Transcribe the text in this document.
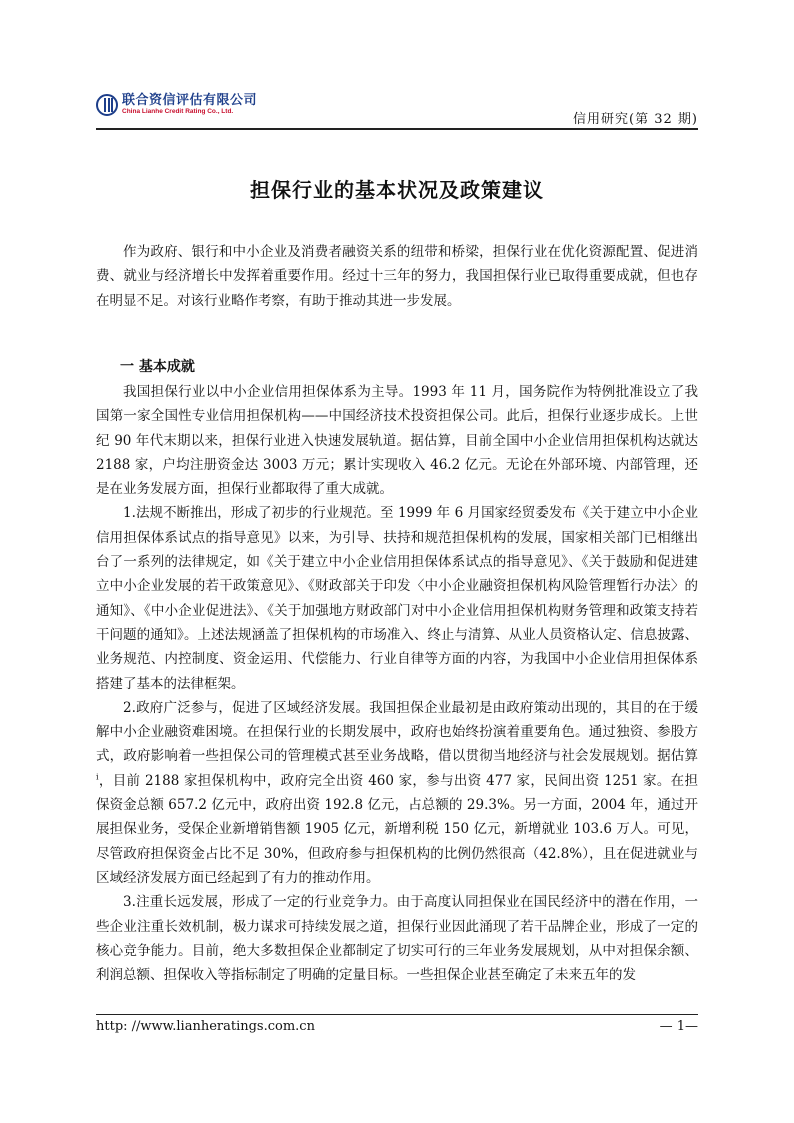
联合资信评估有限公司
China Lianhe Credit Rating Co., Ltd.
信用研究(第 32 期)
担保行业的基本状况及政策建议

作为政府、银行和中小企业及消费者融资关系的纽带和桥梁，担保行业在优化资源配置、促进消费、就业与经济增长中发挥着重要作用。经过十三年的努力，我国担保行业已取得重要成就，但也存在明显不足。对该行业略作考察，有助于推动其进一步发展。

一 基本成就

我国担保行业以中小企业信用担保体系为主导。1993 年 11 月，国务院作为特例批准设立了我国第一家全国性专业信用担保机构——中国经济技术投资担保公司。此后，担保行业逐步成长。上世纪 90 年代末期以来，担保行业进入快速发展轨道。据估算，目前全国中小企业信用担保机构达就达 2188 家，户均注册资金达 3003 万元；累计实现收入 46.2 亿元。无论在外部环境、内部管理，还是在业务发展方面，担保行业都取得了重大成就。

1.法规不断推出，形成了初步的行业规范。至 1999 年 6 月国家经贸委发布《关于建立中小企业信用担保体系试点的指导意见》以来，为引导、扶持和规范担保机构的发展，国家相关部门已相继出台了一系列的法律规定，如《关于建立中小企业信用担保体系试点的指导意见》、《关于鼓励和促进建立中小企业发展的若干政策意见》、《财政部关于印发〈中小企业融资担保机构风险管理暂行办法〉的通知》、《中小企业促进法》、《关于加强地方财政部门对中小企业信用担保机构财务管理和政策支持若干问题的通知》。上述法规涵盖了担保机构的市场准入、终止与清算、从业人员资格认定、信息披露、业务规范、内控制度、资金运用、代偿能力、行业自律等方面的内容，为我国中小企业信用担保体系搭建了基本的法律框架。

2.政府广泛参与，促进了区域经济发展。我国担保企业最初是由政府策动出现的，其目的在于缓解中小企业融资难困境。在担保行业的长期发展中，政府也始终扮演着重要角色。通过独资、参股方式，政府影响着一些担保公司的管理模式甚至业务战略，借以贯彻当地经济与社会发展规划。据估算$^i$，目前 2188 家担保机构中，政府完全出资 460 家，参与出资 477 家，民间出资 1251 家。在担保资金总额 657.2 亿元中，政府出资 192.8 亿元，占总额的 29.3%。另一方面，2004 年，通过开展担保业务，受保企业新增销售额 1905 亿元，新增利税 150 亿元，新增就业 103.6 万人。可见，尽管政府担保资金占比不足 30%，但政府参与担保机构的比例仍然很高（42.8%），且在促进就业与区域经济发展方面已经起到了有力的推动作用。

3.注重长远发展，形成了一定的行业竞争力。由于高度认同担保业在国民经济中的潜在作用，一些企业注重长效机制，极力谋求可持续发展之道，担保行业因此涌现了若干品牌企业，形成了一定的核心竞争能力。目前，绝大多数担保企业都制定了切实可行的三年业务发展规划，从中对担保余额、利润总额、担保收入等指标制定了明确的定量目标。一些担保企业甚至确定了未来五年的发

http: //www.lianheratings.com.cn	— 1—
